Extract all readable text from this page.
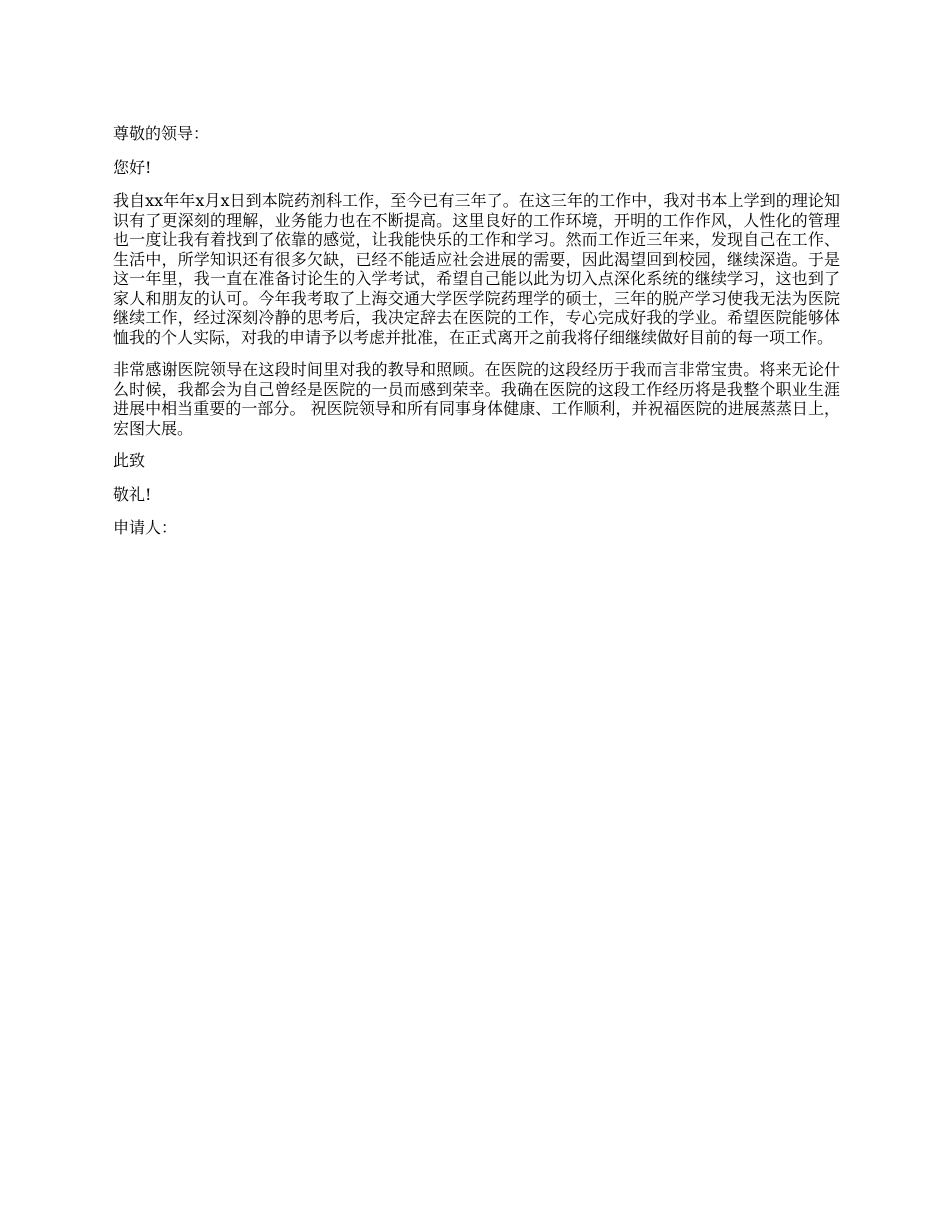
尊敬的领导：

您好!

我自xx年年x月x日到本院药剂科工作，至今已有三年了。在这三年的工作中，我对书本上学到的理论知识有了更深刻的理解，业务能力也在不断提高。这里良好的工作环境，开明的工作作风，人性化的管理也一度让我有着找到了依靠的感觉，让我能快乐的工作和学习。然而工作近三年来，发现自己在工作、生活中，所学知识还有很多欠缺，已经不能适应社会进展的需要，因此渴望回到校园，继续深造。于是这一年里，我一直在准备讨论生的入学考试，希望自己能以此为切入点深化系统的继续学习，这也到了家人和朋友的认可。今年我考取了上海交通大学医学院药理学的硕士，三年的脱产学习使我无法为医院继续工作，经过深刻冷静的思考后，我决定辞去在医院的工作，专心完成好我的学业。希望医院能够体恤我的个人实际，对我的申请予以考虑并批准，在正式离开之前我将仔细继续做好目前的每一项工作。

非常感谢医院领导在这段时间里对我的教导和照顾。在医院的这段经历于我而言非常宝贵。将来无论什么时候，我都会为自己曾经是医院的一员而感到荣幸。我确在医院的这段工作经历将是我整个职业生涯进展中相当重要的一部分。 祝医院领导和所有同事身体健康、工作顺利，并祝福医院的进展蒸蒸日上，宏图大展。

此致

敬礼!

申请人：
